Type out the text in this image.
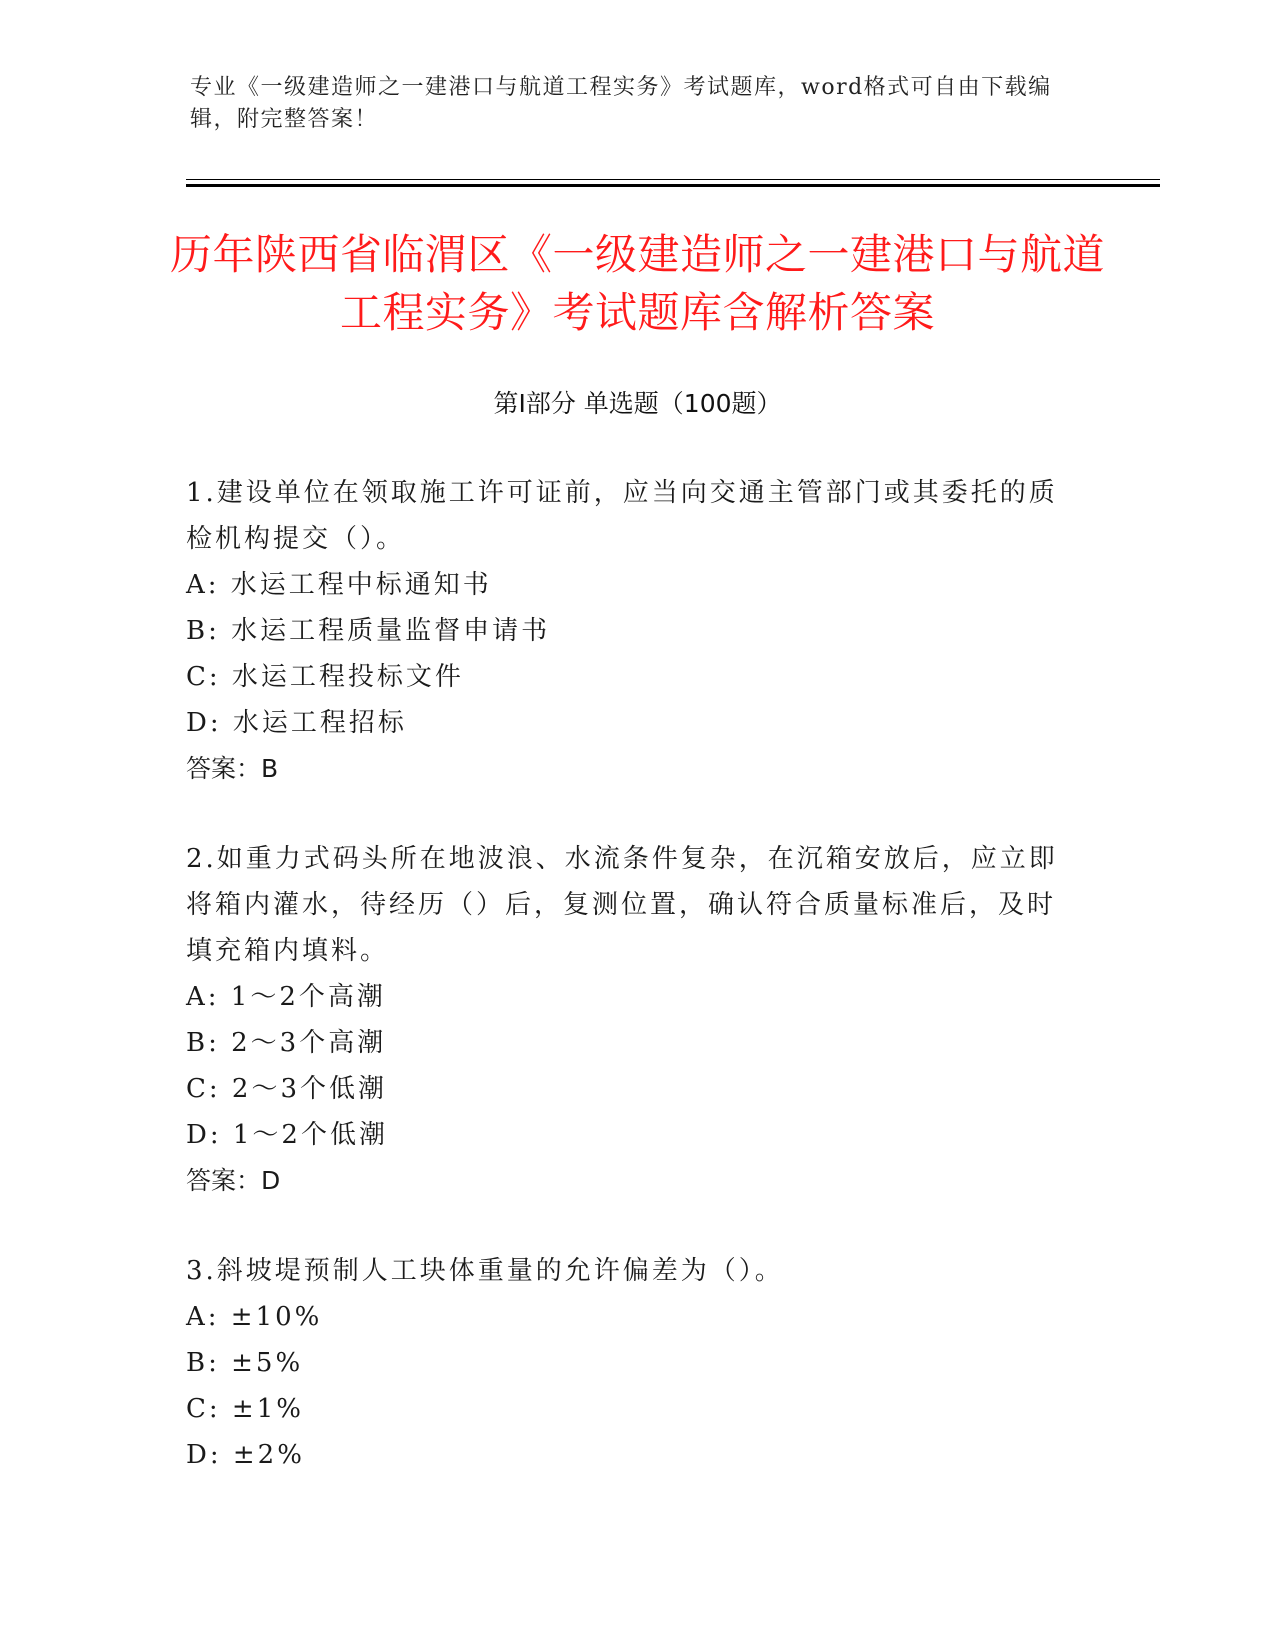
专业《一级建造师之一建港口与航道工程实务》考试题库，word格式可自由下载编辑，附完整答案！
历年陕西省临渭区《一级建造师之一建港口与航道工程实务》考试题库含解析答案
第Ⅰ部分 单选题（100题）

1.建设单位在领取施工许可证前，应当向交通主管部门或其委托的质检机构提交（）。

A: 水运工程中标通知书

B: 水运工程质量监督申请书

C: 水运工程投标文件

D: 水运工程招标

答案：B

2.如重力式码头所在地波浪、水流条件复杂，在沉箱安放后，应立即将箱内灌水，待经历（）后，复测位置，确认符合质量标准后，及时填充箱内填料。

A: 1～2个高潮

B: 2～3个高潮

C: 2～3个低潮

D: 1～2个低潮

答案：D

3.斜坡堤预制人工块体重量的允许偏差为（）。

A: ±10%

B: ±5%

C: ±1%

D: ±2%
